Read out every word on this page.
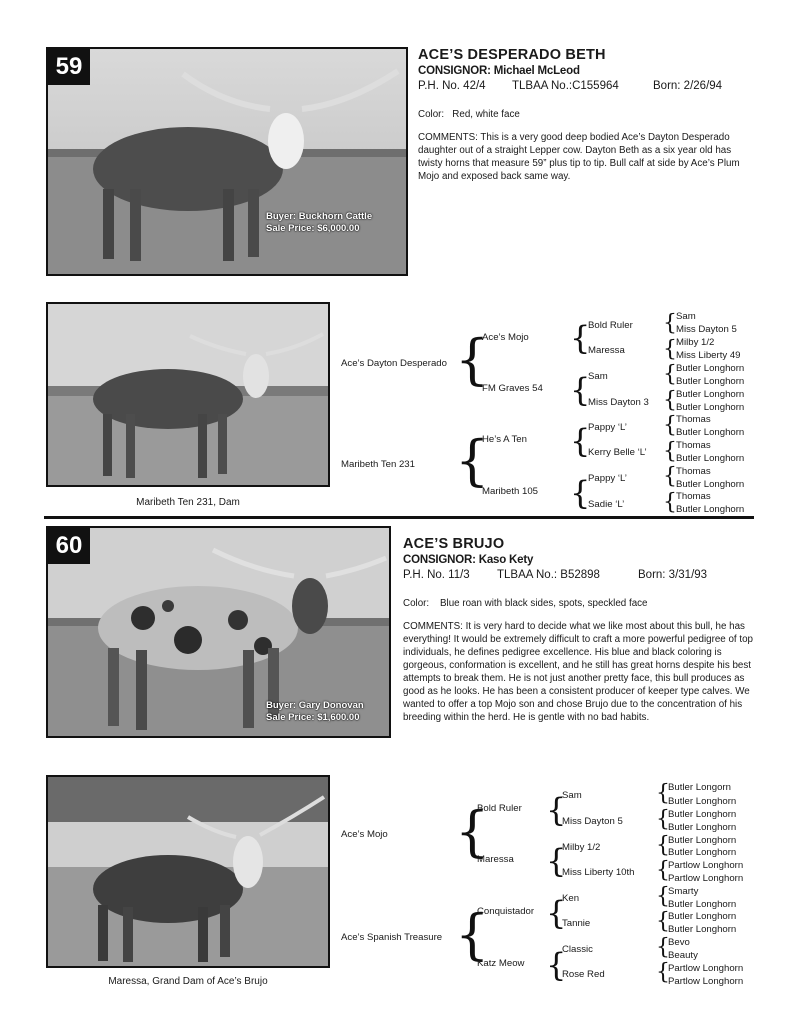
59
Buyer: Buckhorn Cattle
Sale Price: $6,000.00
ACE’S DESPERADO BETH
CONSIGNOR: Michael McLeod
P.H. No. 42/4 TLBAA No.:C155964	Born: 2/26/94
Color:   Red, white face
COMMENTS: This is a very good deep bodied Ace’s Dayton Desperado daughter out of a straight Lepper cow. Dayton Beth as a six year old has twisty horns that measure 59” plus tip to tip. Bull calf at side by Ace’s Plum Mojo and exposed back same way.
Maribeth Ten 231, Dam
Ace’s Dayton Desperado
Maribeth Ten 231
{
{
Ace’s Mojo
FM Graves 54
He’s A Ten
Maribeth 105
{
{
{
{
Bold Ruler
Maressa
Sam
Miss Dayton 3
Pappy ‘L’
Kerry Belle ‘L’
Pappy ‘L’
Sadie ‘L’
{
{
{
{
{
{
{
{
Sam
Miss Dayton 5
Milby 1/2
Miss Liberty 49
Butler Longhorn
Butler Longhorn
Butler Longhorn
Butler Longhorn
Thomas
Butler Longhorn
Thomas
Butler Longhorn
Thomas
Butler Longhorn
Thomas
Butler Longhorn
60
Buyer: Gary Donovan
Sale Price: $1,600.00
ACE’S BRUJO
CONSIGNOR: Kaso Kety
P.H. No. 11/3 TLBAA No.: B52898	Born: 3/31/93
Color:    Blue roan with black sides, spots, speckled face
COMMENTS: It is very hard to decide what we like most about this bull, he has everything! It would be extremely difficult to craft a more powerful pedigree of top individuals, he defines pedigree excellence. His blue and black coloring is gorgeous, conformation is excellent, and he still has great horns despite his best attempts to break them. He is not just another pretty face, this bull produces as good as he looks. He has been a consistent producer of keeper type calves. We wanted to offer a top Mojo son and chose Brujo due to the concentration of his breeding within the herd. He is gentle with no bad habits.
Maressa, Grand Dam of Ace’s Brujo
Ace’s Mojo
Ace’s Spanish Treasure
{
{
Bold Ruler
Maressa
Conquistador
Katz Meow
{
{
{
{
Sam
Miss Dayton 5
Milby 1/2
Miss Liberty 10th
Ken
Tannie
Classic
Rose Red
{
{
{
{
{
{
{
{
Butler Longorn
Butler Longhorn
Butler Longhorn
Butler Longhorn
Butler Longhorn
Butler Longhorn
Partlow Longhorn
Partlow Longhorn
Smarty
Butler Longhorn
Butler Longhorn
Butler Longhorn
Bevo
Beauty
Partlow Longhorn
Partlow Longhorn
